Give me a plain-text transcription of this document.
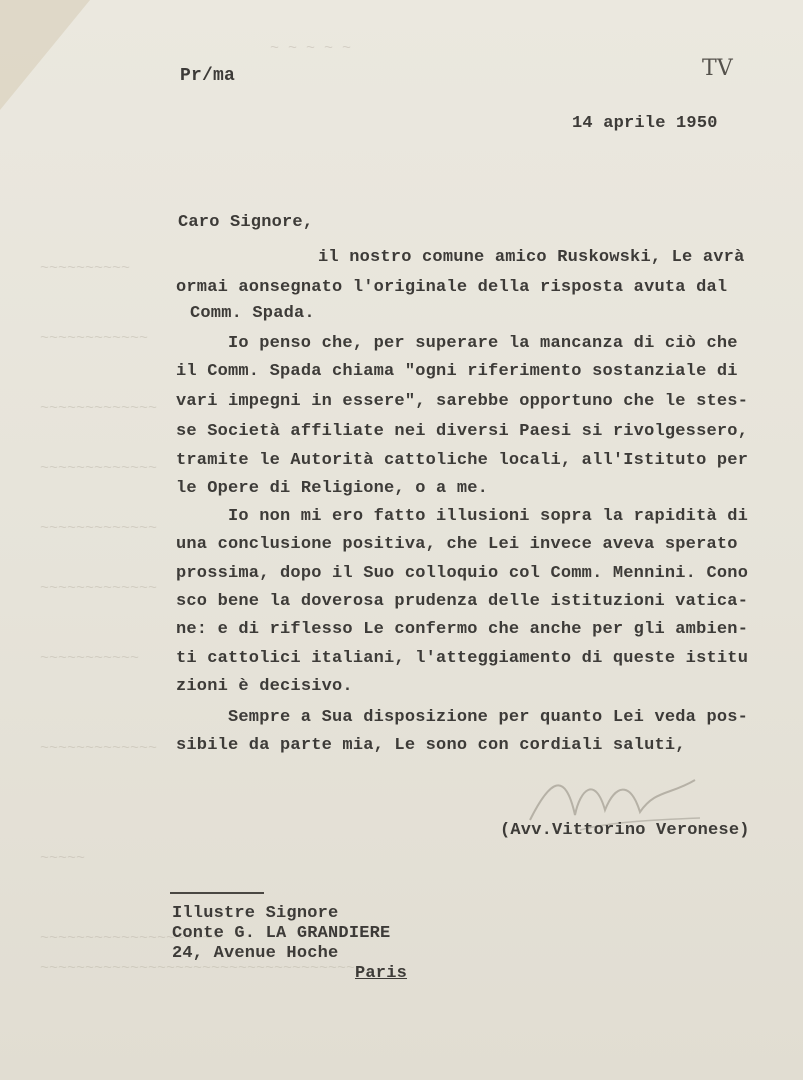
~ ~ ~ ~ ~
~~~~~~~~~~
~~~~~~~~~~~~
~~~~~~~~~~~~~
~~~~~~~~~~~~~
~~~~~~~~~~~~~
~~~~~~~~~~~~~
~~~~~~~~~~~
~~~~~~~~~~~~~
~~~~~
~~~~~~~~~~~~~~~~~~~~
~~~~~~~~~~~~~~~~~~~~~~~~~~~~~~~~~~~~
Pr/ma	TV
14 aprile 1950
Caro Signore,
il nostro comune amico Ruskowski, Le avrà
ormai aonsegnato l'originale della risposta avuta dal
Comm. Spada.
Io penso che, per superare la mancanza di ciò che
il Comm. Spada chiama "ogni riferimento sostanziale di
vari impegni in essere", sarebbe opportuno che le stes-
se Società affiliate nei diversi Paesi si rivolgessero,
tramite le Autorità cattoliche locali, all'Istituto per
le Opere di Religione, o a me.
Io non mi ero fatto illusioni sopra la rapidità di
una conclusione positiva, che Lei invece aveva sperato
prossima, dopo il Suo colloquio col Comm. Mennini. Cono
sco bene la doverosa prudenza delle istituzioni vatica-
ne: e di riflesso Le confermo che anche per gli ambien-
ti cattolici italiani, l'atteggiamento di queste istitu
zioni è decisivo.
Sempre a Sua disposizione per quanto Lei veda pos-
sibile da parte mia, Le sono con cordiali saluti,
(Avv.Vittorino Veronese)
Illustre Signore
Conte G. LA GRANDIERE
24, Avenue Hoche
Paris
